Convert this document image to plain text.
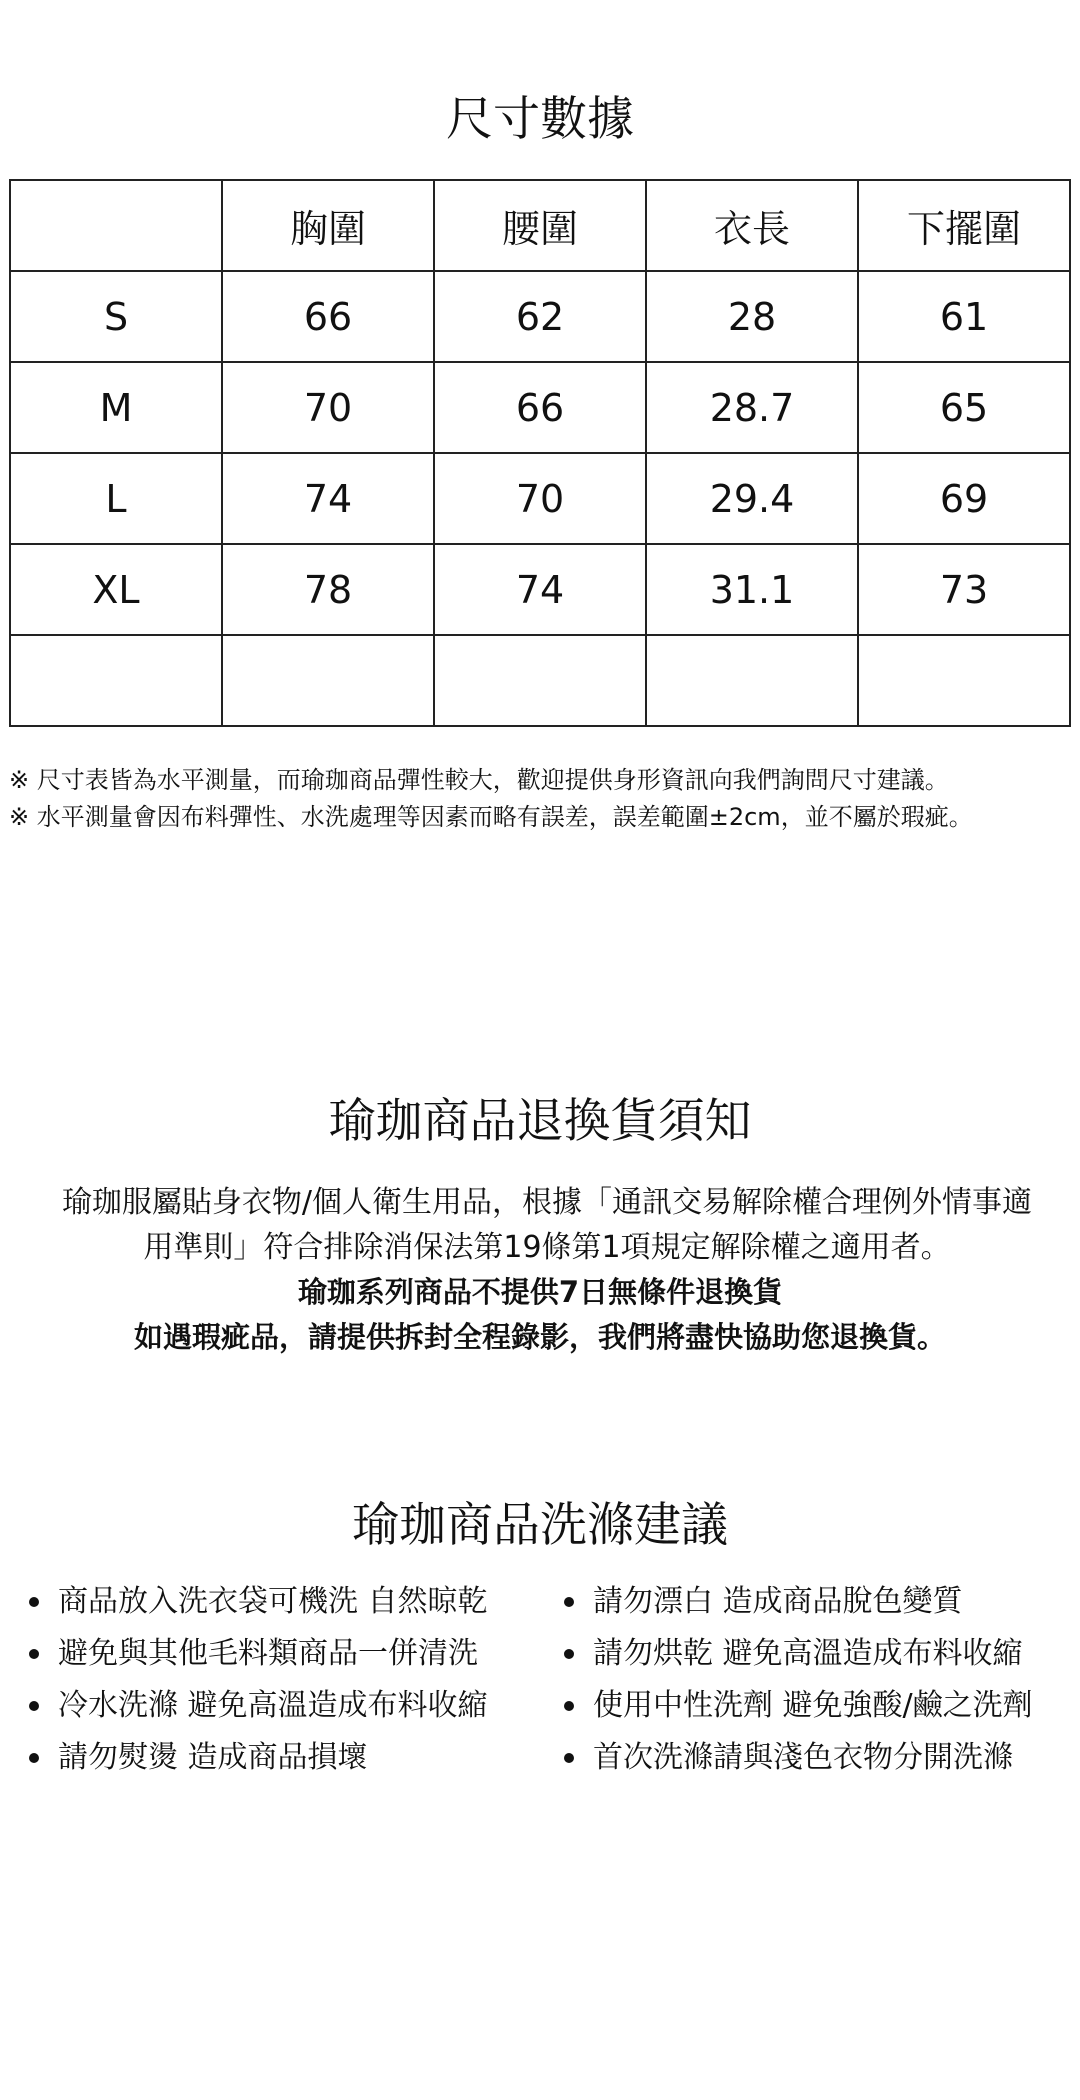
尺寸數據
	胸圍	腰圍	衣長	下擺圍
S	66	62	28	61
M	70	66	28.7	65
L	74	70	29.4	69
XL	78	74	31.1	73

※ 尺寸表皆為水平測量，而瑜珈商品彈性較大，歡迎提供身形資訊向我們詢問尺寸建議。

※ 水平測量會因布料彈性、水洗處理等因素而略有誤差，誤差範圍±2cm，並不屬於瑕疵。

瑜珈商品退換貨須知

瑜珈服屬貼身衣物/個人衛生用品，根據「通訊交易解除權合理例外情事適

用準則」符合排除消保法第19條第1項規定解除權之適用者。

瑜珈系列商品不提供7日無條件退換貨

如遇瑕疵品，請提供拆封全程錄影，我們將盡快協助您退換貨。

瑜珈商品洗滌建議
商品放入洗衣袋可機洗 自然晾乾
避免與其他毛料類商品一併清洗
冷水洗滌 避免高溫造成布料收縮
請勿熨燙 造成商品損壞
請勿漂白 造成商品脫色變質
請勿烘乾 避免高溫造成布料收縮
使用中性洗劑 避免強酸/鹼之洗劑
首次洗滌請與淺色衣物分開洗滌
